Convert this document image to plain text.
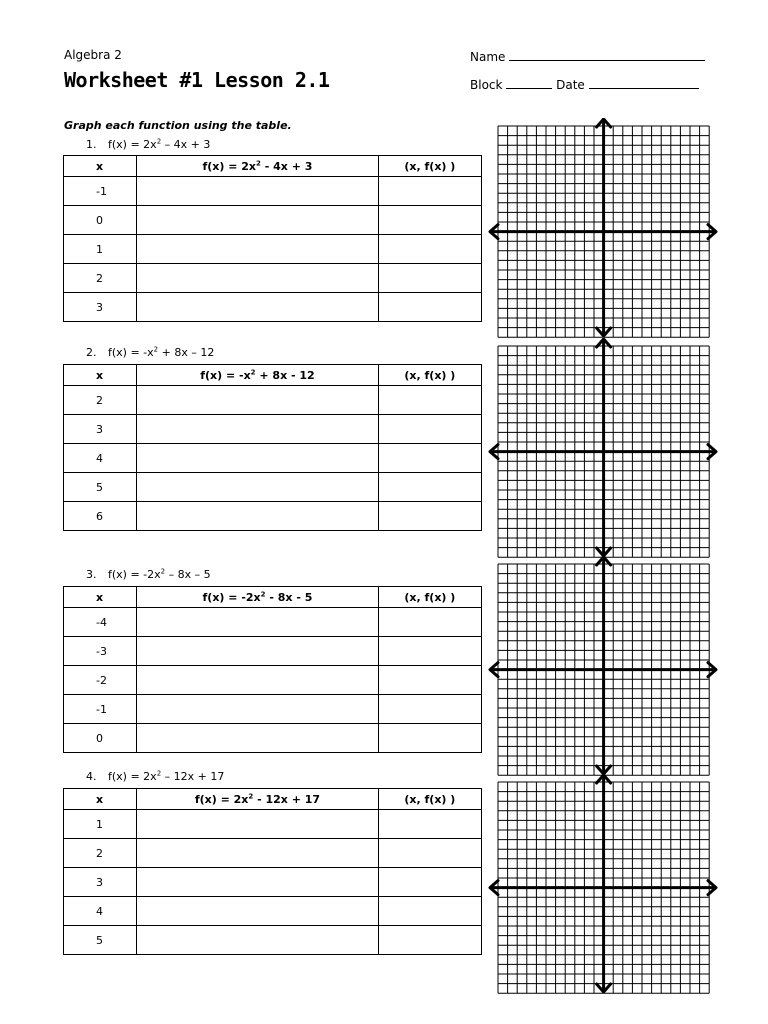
Algebra 2
Worksheet #1 Lesson 2.1
Name
Block	Date
Graph each function using the table.
1. $f(x) = 2x^2 - 4x + 3$
x	$f(x) = 2x^2 - 4x + 3$	(x, f(x) )
-1		
0		
1		
2		
3		
2. $f(x) = -x^2 + 8x - 12$
x	$f(x) = -x^2 + 8x - 12$	(x, f(x) )
2		
3		
4		
5		
6		
3. $f(x) = -2x^2 - 8x - 5$
x	$f(x) = -2x^2 - 8x - 5$	(x, f(x) )
-4		
-3		
-2		
-1		
0		
4. $f(x) = 2x^2 - 12x + 17$
x	$f(x) = 2x^2 - 12x + 17$	(x, f(x) )
1		
2		
3		
4		
5		
